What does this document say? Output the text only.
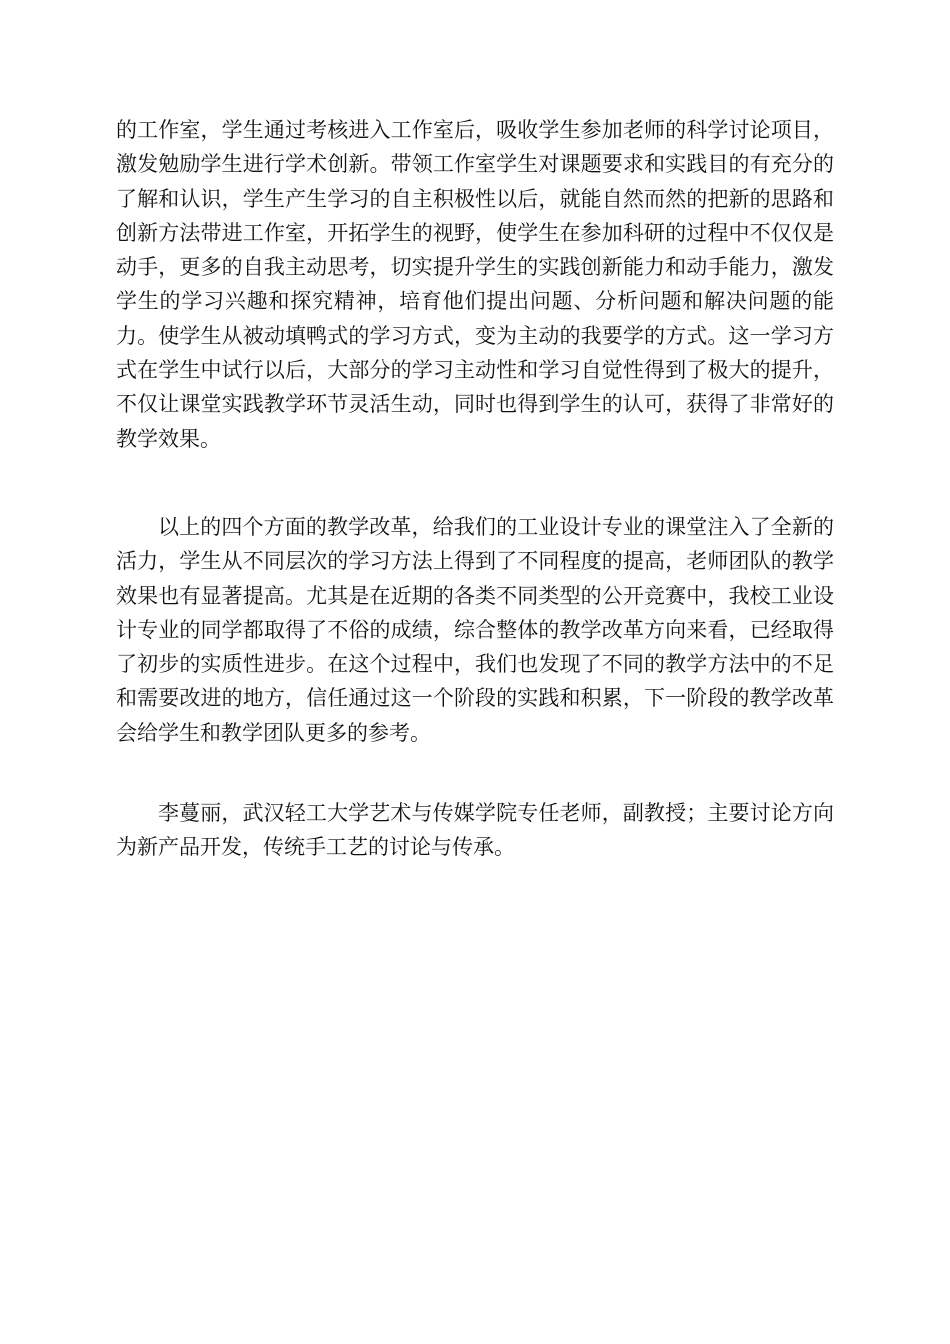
的工作室，学生通过考核进入工作室后，吸收学生参加老师的科学讨论项目，激发勉励学生进行学术创新。带领工作室学生对课题要求和实践目的有充分的了解和认识，学生产生学习的自主积极性以后，就能自然而然的把新的思路和创新方法带进工作室，开拓学生的视野，使学生在参加科研的过程中不仅仅是动手，更多的自我主动思考，切实提升学生的实践创新能力和动手能力，激发学生的学习兴趣和探究精神，培育他们提出问题、分析问题和解决问题的能力。使学生从被动填鸭式的学习方式，变为主动的我要学的方式。这一学习方式在学生中试行以后，大部分的学习主动性和学习自觉性得到了极大的提升，不仅让课堂实践教学环节灵活生动，同时也得到学生的认可，获得了非常好的教学效果。

以上的四个方面的教学改革，给我们的工业设计专业的课堂注入了全新的活力，学生从不同层次的学习方法上得到了不同程度的提高，老师团队的教学效果也有显著提高。尤其是在近期的各类不同类型的公开竞赛中，我校工业设计专业的同学都取得了不俗的成绩，综合整体的教学改革方向来看，已经取得了初步的实质性进步。在这个过程中，我们也发现了不同的教学方法中的不足和需要改进的地方，信任通过这一个阶段的实践和积累，下一阶段的教学改革会给学生和教学团队更多的参考。

李蔓丽，武汉轻工大学艺术与传媒学院专任老师，副教授；主要讨论方向为新产品开发，传统手工艺的讨论与传承。
